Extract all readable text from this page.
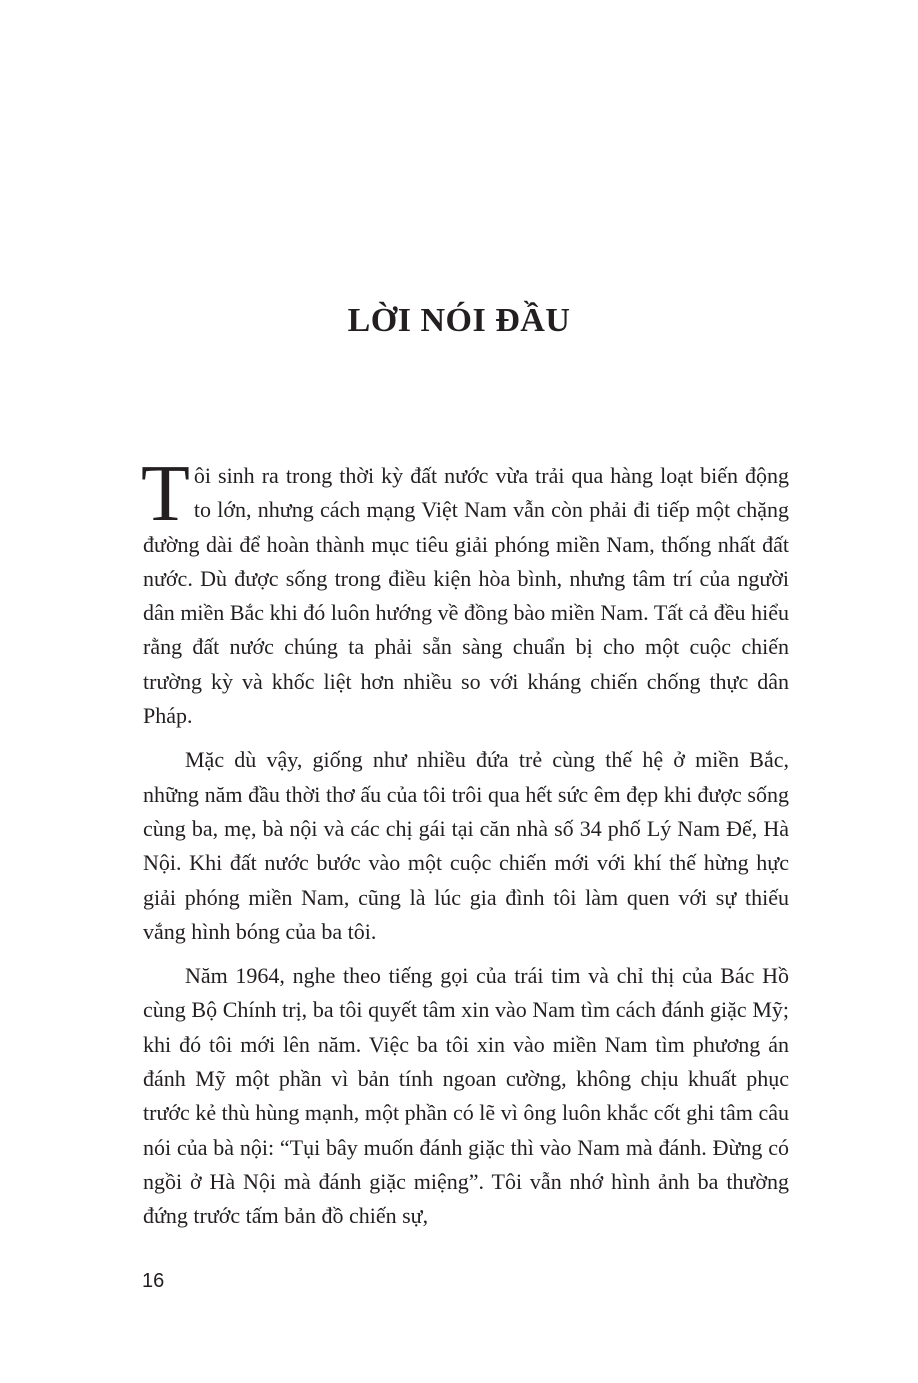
LỜI NÓI ĐẦU

Tôi sinh ra trong thời kỳ đất nước vừa trải qua hàng loạt biến động to lớn, nhưng cách mạng Việt Nam vẫn còn phải đi tiếp một chặng đường dài để hoàn thành mục tiêu giải phóng miền Nam, thống nhất đất nước. Dù được sống trong điều kiện hòa bình, nhưng tâm trí của người dân miền Bắc khi đó luôn hướng về đồng bào miền Nam. Tất cả đều hiểu rằng đất nước chúng ta phải sẵn sàng chuẩn bị cho một cuộc chiến trường kỳ và khốc liệt hơn nhiều so với kháng chiến chống thực dân Pháp.

Mặc dù vậy, giống như nhiều đứa trẻ cùng thế hệ ở miền Bắc, những năm đầu thời thơ ấu của tôi trôi qua hết sức êm đẹp khi được sống cùng ba, mẹ, bà nội và các chị gái tại căn nhà số 34 phố Lý Nam Đế, Hà Nội. Khi đất nước bước vào một cuộc chiến mới với khí thế hừng hực giải phóng miền Nam, cũng là lúc gia đình tôi làm quen với sự thiếu vắng hình bóng của ba tôi.

Năm 1964, nghe theo tiếng gọi của trái tim và chỉ thị của Bác Hồ cùng Bộ Chính trị, ba tôi quyết tâm xin vào Nam tìm cách đánh giặc Mỹ; khi đó tôi mới lên năm. Việc ba tôi xin vào miền Nam tìm phương án đánh Mỹ một phần vì bản tính ngoan cường, không chịu khuất phục trước kẻ thù hùng mạnh, một phần có lẽ vì ông luôn khắc cốt ghi tâm câu nói của bà nội: “Tụi bây muốn đánh giặc thì vào Nam mà đánh. Đừng có ngồi ở Hà Nội mà đánh giặc miệng”. Tôi vẫn nhớ hình ảnh ba thường đứng trước tấm bản đồ chiến sự,

16
